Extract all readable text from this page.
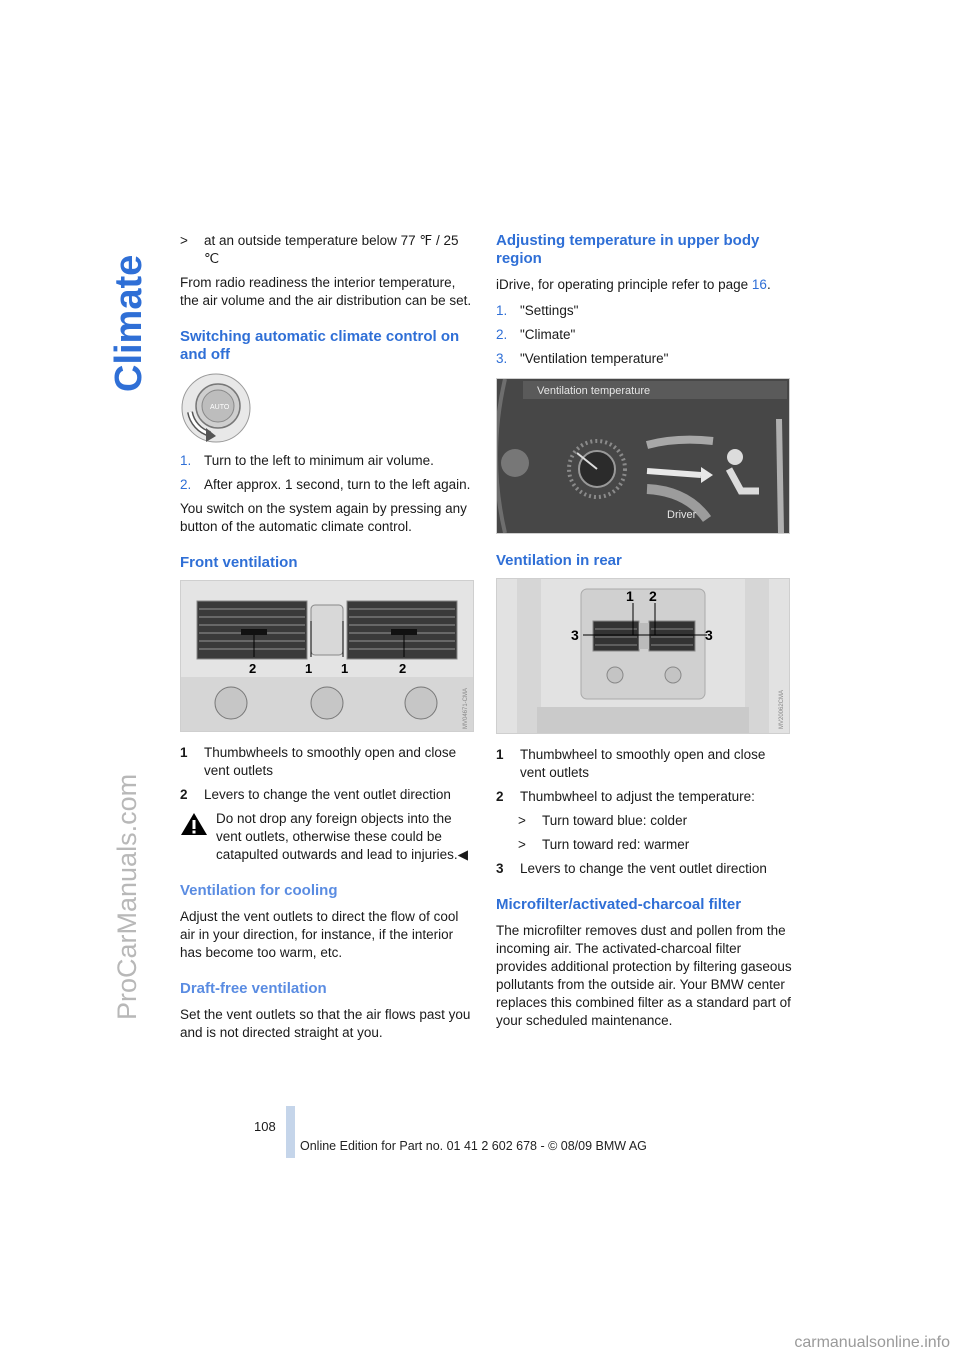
Climate
ProCarManuals.com
> at an outside temperature below 77 ℉ / 25 ℃

From radio readiness the interior temperature, the air volume and the air distribution can be set.

Switching automatic climate control on and off
AUTO
1. Turn to the left to minimum air volume.
2. After approx. 1 second, turn to the left again.

You switch on the system again by pressing any button of the automatic climate control.

Front ventilation
2	1 1	2
MV04671-CMA
1 Thumbwheels to smoothly open and close vent outlets
2 Levers to change the vent outlet direction
Do not drop any foreign objects into the vent outlets, otherwise these could be catapulted outwards and lead to injuries.◀
Ventilation for cooling

Adjust the vent outlets to direct the flow of cool air in your direction, for instance, if the interior has become too warm, etc.

Draft-free ventilation

Set the vent outlets so that the air flows past you and is not directed straight at you.

Adjusting temperature in upper body region

iDrive, for operating principle refer to page 16.

1. "Settings"
2. "Climate"
3. "Ventilation temperature"
Ventilation temperature
Driver
Ventilation in rear
1 2
3	3
MV20062CMA
1 Thumbwheel to smoothly open and close vent outlets
2 Thumbwheel to adjust the temperature:
> Turn toward blue: colder
> Turn toward red: warmer
3 Levers to change the vent outlet direction
Microfilter/activated-charcoal filter

The microfilter removes dust and pollen from the incoming air. The activated-charcoal filter provides additional protection by filtering gaseous pollutants from the outside air. Your BMW center replaces this combined filter as a standard part of your scheduled maintenance.

108
Online Edition for Part no. 01 41 2 602 678 - © 08/09 BMW AG
carmanualsonline.info
